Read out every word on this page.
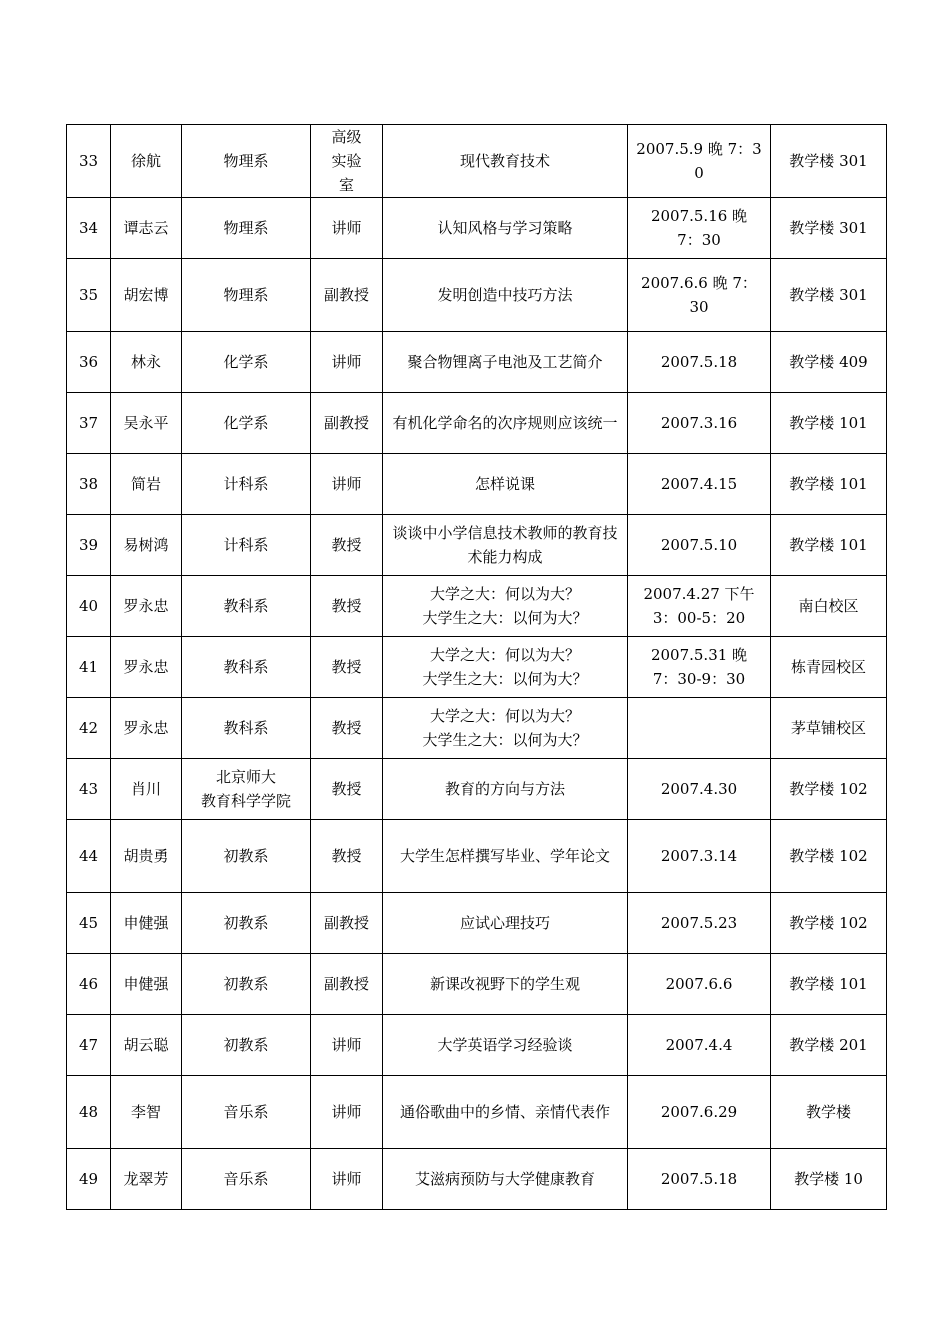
33	徐航	物理系	高级实验室	现代教育技术	2007.5.9 晚 7：30	教学楼 301
34	谭志云	物理系	讲师	认知风格与学习策略	2007.5.16 晚 7：30	教学楼 301
35	胡宏博	物理系	副教授	发明创造中技巧方法	2007.6.6 晚 7：30	教学楼 301
36	林永	化学系	讲师	聚合物锂离子电池及工艺简介	2007.5.18	教学楼 409
37	吴永平	化学系	副教授	有机化学命名的次序规则应该统一	2007.3.16	教学楼 101
38	简岩	计科系	讲师	怎样说课	2007.4.15	教学楼 101
39	易树鸿	计科系	教授	谈谈中小学信息技术教师的教育技术能力构成	2007.5.10	教学楼 101
40	罗永忠	教科系	教授	大学之大：何以为大？
大学生之大：以何为大？	2007.4.27 下午 3：00-5：20	南白校区
41	罗永忠	教科系	教授	大学之大：何以为大？
大学生之大：以何为大？	2007.5.31 晚 7：30-9：30	栋青园校区
42	罗永忠	教科系	教授	大学之大：何以为大？
大学生之大：以何为大？		茅草铺校区
43	肖川	北京师大
教育科学学院	教授	教育的方向与方法	2007.4.30	教学楼 102
44	胡贵勇	初教系	教授	大学生怎样撰写毕业、学年论文	2007.3.14	教学楼 102
45	申健强	初教系	副教授	应试心理技巧	2007.5.23	教学楼 102
46	申健强	初教系	副教授	新课改视野下的学生观	2007.6.6	教学楼 101
47	胡云聪	初教系	讲师	大学英语学习经验谈	2007.4.4	教学楼 201
48	李智	音乐系	讲师	通俗歌曲中的乡情、亲情代表作	2007.6.29	教学楼
49	龙翠芳	音乐系	讲师	艾滋病预防与大学健康教育	2007.5.18	教学楼 10
